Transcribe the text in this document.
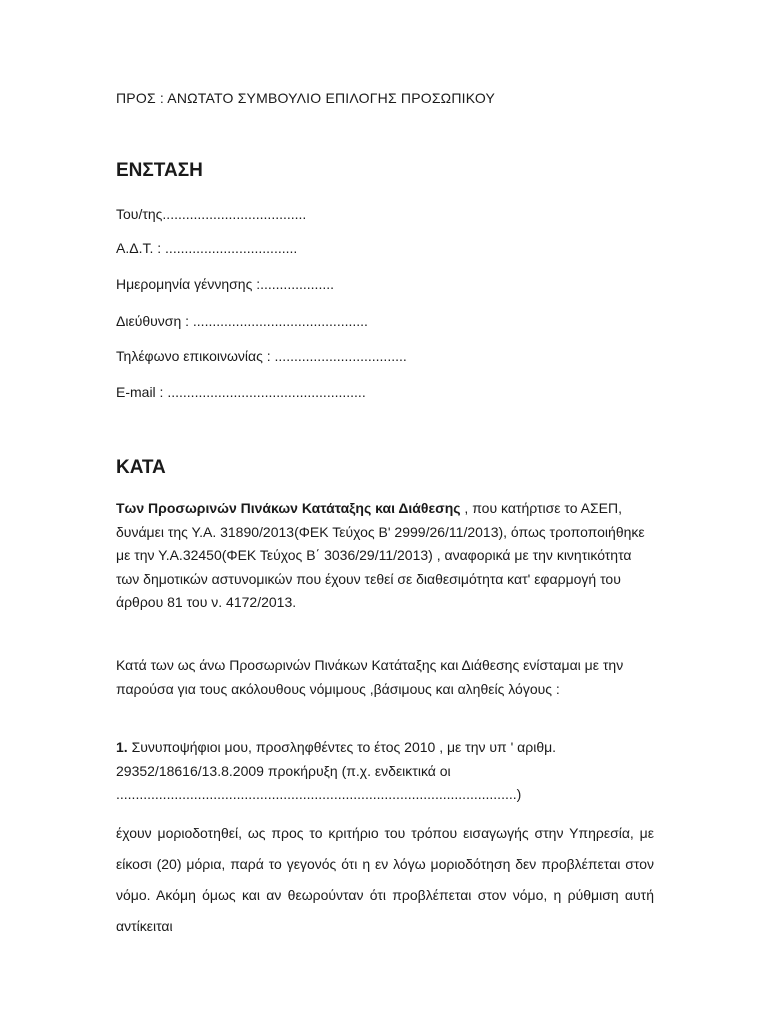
ΠΡΟΣ : ΑΝΩΤΑΤΟ ΣΥΜΒΟΥΛΙΟ ΕΠΙΛΟΓΗΣ ΠΡΟΣΩΠΙΚΟΥ
ΕΝΣΤΑΣΗ
Του/της.....................................
Α.Δ.Τ. : ..................................
Ημερομηνία γέννησης :...................
Διεύθυνση : .............................................
Τηλέφωνο επικοινωνίας : ..................................
E-mail : ...................................................
ΚΑΤΑ

Των Προσωρινών Πινάκων Κατάταξης και Διάθεσης , που κατήρτισε το ΑΣΕΠ, δυνάμει της Υ.Α. 31890/2013(ΦΕΚ Τεύχος Β' 2999/26/11/2013), όπως τροποποιήθηκε με την Υ.Α.32450(ΦΕΚ Τεύχος Β΄ 3036/29/11/2013) , αναφορικά με την κινητικότητα των δημοτικών αστυνομικών που έχουν τεθεί σε διαθεσιμότητα κατ' εφαρμογή του άρθρου 81 του ν. 4172/2013.

Κατά των ως άνω Προσωρινών Πινάκων Κατάταξης και Διάθεσης ενίσταμαι με την παρούσα για τους ακόλουθους νόμιμους ,βάσιμους και αληθείς λόγους :

1. Συνυποψήφιοι μου, προσληφθέντες το έτος 2010 , με την υπ ' αριθμ. 29352/18616/13.8.2009 προκήρυξη (π.χ. ενδεικτικά οι .......................................................................................................)

έχουν μοριοδοτηθεί, ως προς το κριτήριο του τρόπου εισαγωγής στην Υπηρεσία, με είκοσι (20) μόρια, παρά το γεγονός ότι η εν λόγω μοριοδότηση δεν προβλέπεται στον νόμο. Ακόμη όμως και αν θεωρούνταν ότι προβλέπεται στον νόμο, η ρύθμιση αυτή αντίκειται
